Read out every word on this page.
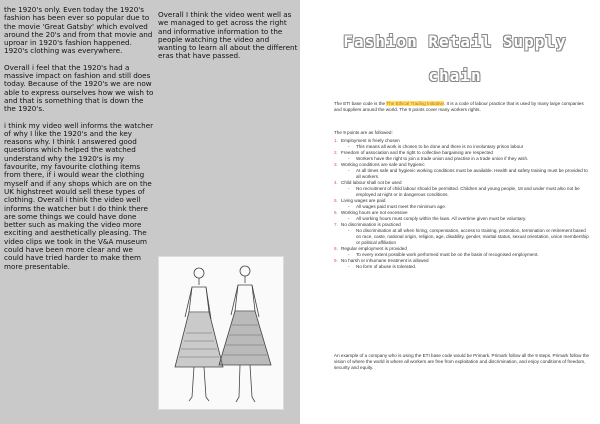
the 1920's only. Even today the 1920's fashion has been ever so popular due to the movie 'Great Gatsby' which evolved around the 20's and from that movie and uproar in 1920's fashion happened. 1920's clothing was everywhere.

Overall i feel that the 1920's had a massive impact on fashion and still does today. Because of the 1920's we are now able to express ourselves how we wish to and that is something that is down the the 1920's.

i think my video well informs the watcher of why I like the 1920's and the key reasons why. I think I answered good questions which helped the watched understand why the 1920's is my favourite, my favourite clothing items from there, if i would wear the clothing myself and if any shops which are on the UK highstreet would sell these types of clothing. Overall i think the video well informs the watcher but I do think there are some things we could have done better such as making the video more exciting and aesthetically pleasing. The video clips we took in the V&A museum could have been more clear and we could have tried harder to make them more presentable.

Overall I think the video went well as we managed to get across the right and informative information to the people watching the video and wanting to learn all about the different eras that have passed.

Fashion Retail Supply
chain
The ETI base code is the The Ethical Trading Initiative. It is a code of labour practice that is used by many large companies and suppliers around the world. The 9 points cover many workers rights.
The 9 points are as followed:
1. Employment is freely chosen
- This means all work is chosen to be done and there is no involuntary prison labour
2. Freedom of association and the right to collective bargaining are respected
- Workers have the right to join a trade union and practise in a trade union if they wish.
3. Working conditions are safe and hygienic
- At all times safe and hygienic working conditions must be available. Health and safety training must be provided to all workers.
4. Child labour shall not be used
- No recruitment of child labour should be permitted. Children and young people, 18 and under must also not be employed at night or in dangerous conditions.
5. Living wages are paid
- All wages paid must meet the minimum age.
6. Working hours are not excessive
- All working hours must comply within the laws. All overtime given must be voluntary.
7. No discrimination is practiced
- No discrimination at all when hiring, compensation, access to training, promotion, termination or retirement based on race, caste, national origin, religion, age, disability, gender, marital status, sexual orientation, union membership or political affiliation
8. Regular employment is provided
- To every extent possible work performed must be on the basis of recognised employment.
9. No harsh or inhumane treatment is allowed
- No form of abuse is tolerated.
An example of a company who is using the ETI base code would be Primark. Primark follow all the 9 steps. Primark follow the vision of where the world is where all workers are free from exploitation and discrimination, and enjoy conditions of freedom, security and equity.
